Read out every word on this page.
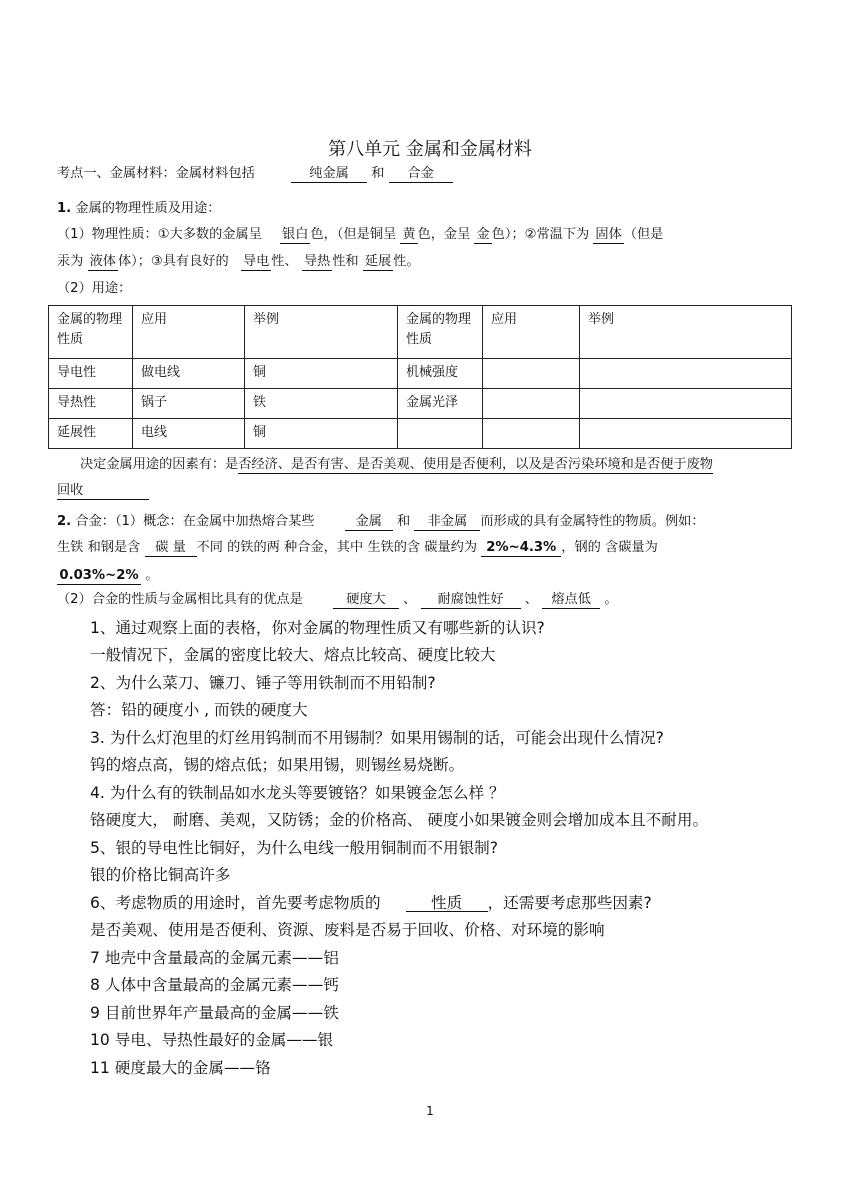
第八单元 金属和金属材料
考点一、金属材料：金属材料包括	纯金属 和 合金
1. 金属的物理性质及用途：
（1）物理性质：①大多数的金属呈 银白 色，（但是铜呈 黄 色，金呈 金 色）；②常温下为 固体 （但是
汞为 液体 体）；③具有良好的 导电 性、 导热 性和 延展 性。
（2）用途：
金属的物理性质	应用	举例	金属的物理性质	应用	举例
导电性	做电线	铜	机械强度		
导热性	锅子	铁	金属光泽		
延展性	电线	铜			
决定金属用途的因素有：是否经济、是否有害、是否美观、使用是否便利，以及是否污染环境和是否便于废物
回收
2. 合金：（1）概念：在金属中加热熔合某些	金属 和 非金属 而形成的具有金属特性的物质。例如：
生铁 和钢是含 碳 量 不同 的铁的两 种合金，其中 生铁的含 碳量约为 2%~4.3% ，钢的 含碳量为
0.03%~2% 。
（2）合金的性质与金属相比具有的优点是	硬度大 、 耐腐蚀性好 、 熔点低 。
1、通过观察上面的表格，你对金属的物理性质又有哪些新的认识?
一般情况下，金属的密度比较大、熔点比较高、硬度比较大
2、为什么菜刀、镰刀、锤子等用铁制而不用铅制?
答：铅的硬度小 , 而铁的硬度大
3. 为什么灯泡里的灯丝用钨制而不用锡制？如果用锡制的话，可能会出现什么情况?
钨的熔点高，锡的熔点低；如果用锡，则锡丝易烧断。
4. 为什么有的铁制品如水龙头等要镀铬？如果镀金怎么样 ？
铬硬度大， 耐磨、美观，又防锈；金的价格高、 硬度小如果镀金则会增加成本且不耐用。
5、银的导电性比铜好，为什么电线一般用铜制而不用银制?
银的价格比铜高许多
6、考虑物质的用途时，首先要考虑物质的	性质 ，还需要考虑那些因素?
是否美观、使用是否便利、资源、废料是否易于回收、价格、对环境的影响
7 地壳中含量最高的金属元素——铝
8 人体中含量最高的金属元素——钙
9 目前世界年产量最高的金属——铁
10 导电、导热性最好的金属——银
11 硬度最大的金属——铬
1
